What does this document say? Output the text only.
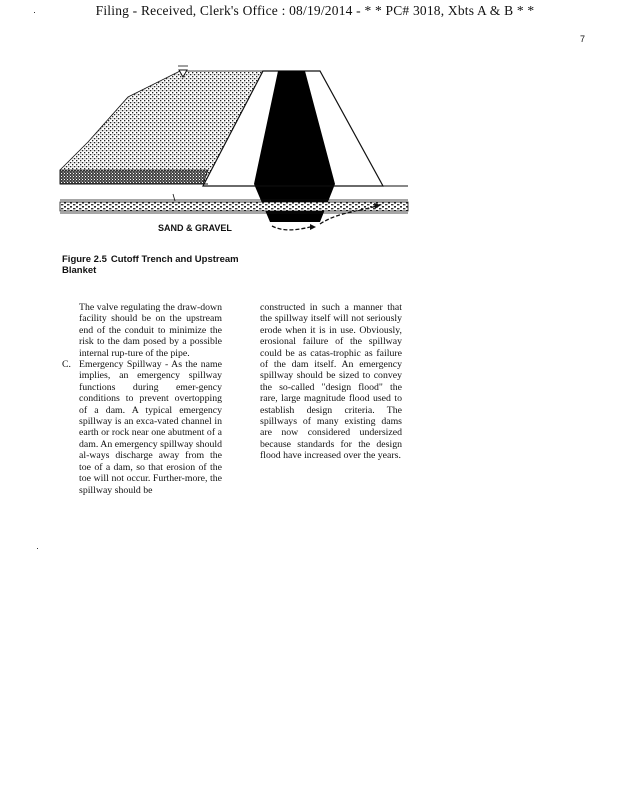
Filing - Received, Clerk's Office : 08/19/2014 - * * PC# 3018, Xbts A & B * *
7
SAND & GRAVEL
Figure 2.5 Cutoff Trench and Upstream Blanket

The valve regulating the draw-down facility should be on the upstream end of the conduit to minimize the risk to the dam posed by a possible internal rup-ture of the pipe.

C. Emergency Spillway - As the name implies, an emergency spillway functions during emer-gency conditions to prevent overtopping of a dam. A typical emergency spillway is an exca-vated channel in earth or rock near one abutment of a dam. An emergency spillway should al-ways discharge away from the toe of a dam, so that erosion of the toe will not occur. Further-more, the spillway should be

constructed in such a manner that the spillway itself will not seriously erode when it is in use. Obviously, erosional failure of the spillway could be as catas-trophic as failure of the dam itself. An emergency spillway should be sized to convey the so-called "design flood" the rare, large magnitude flood used to establish design criteria. The spillways of many existing dams are now considered undersized because standards for the design flood have increased over the years.
